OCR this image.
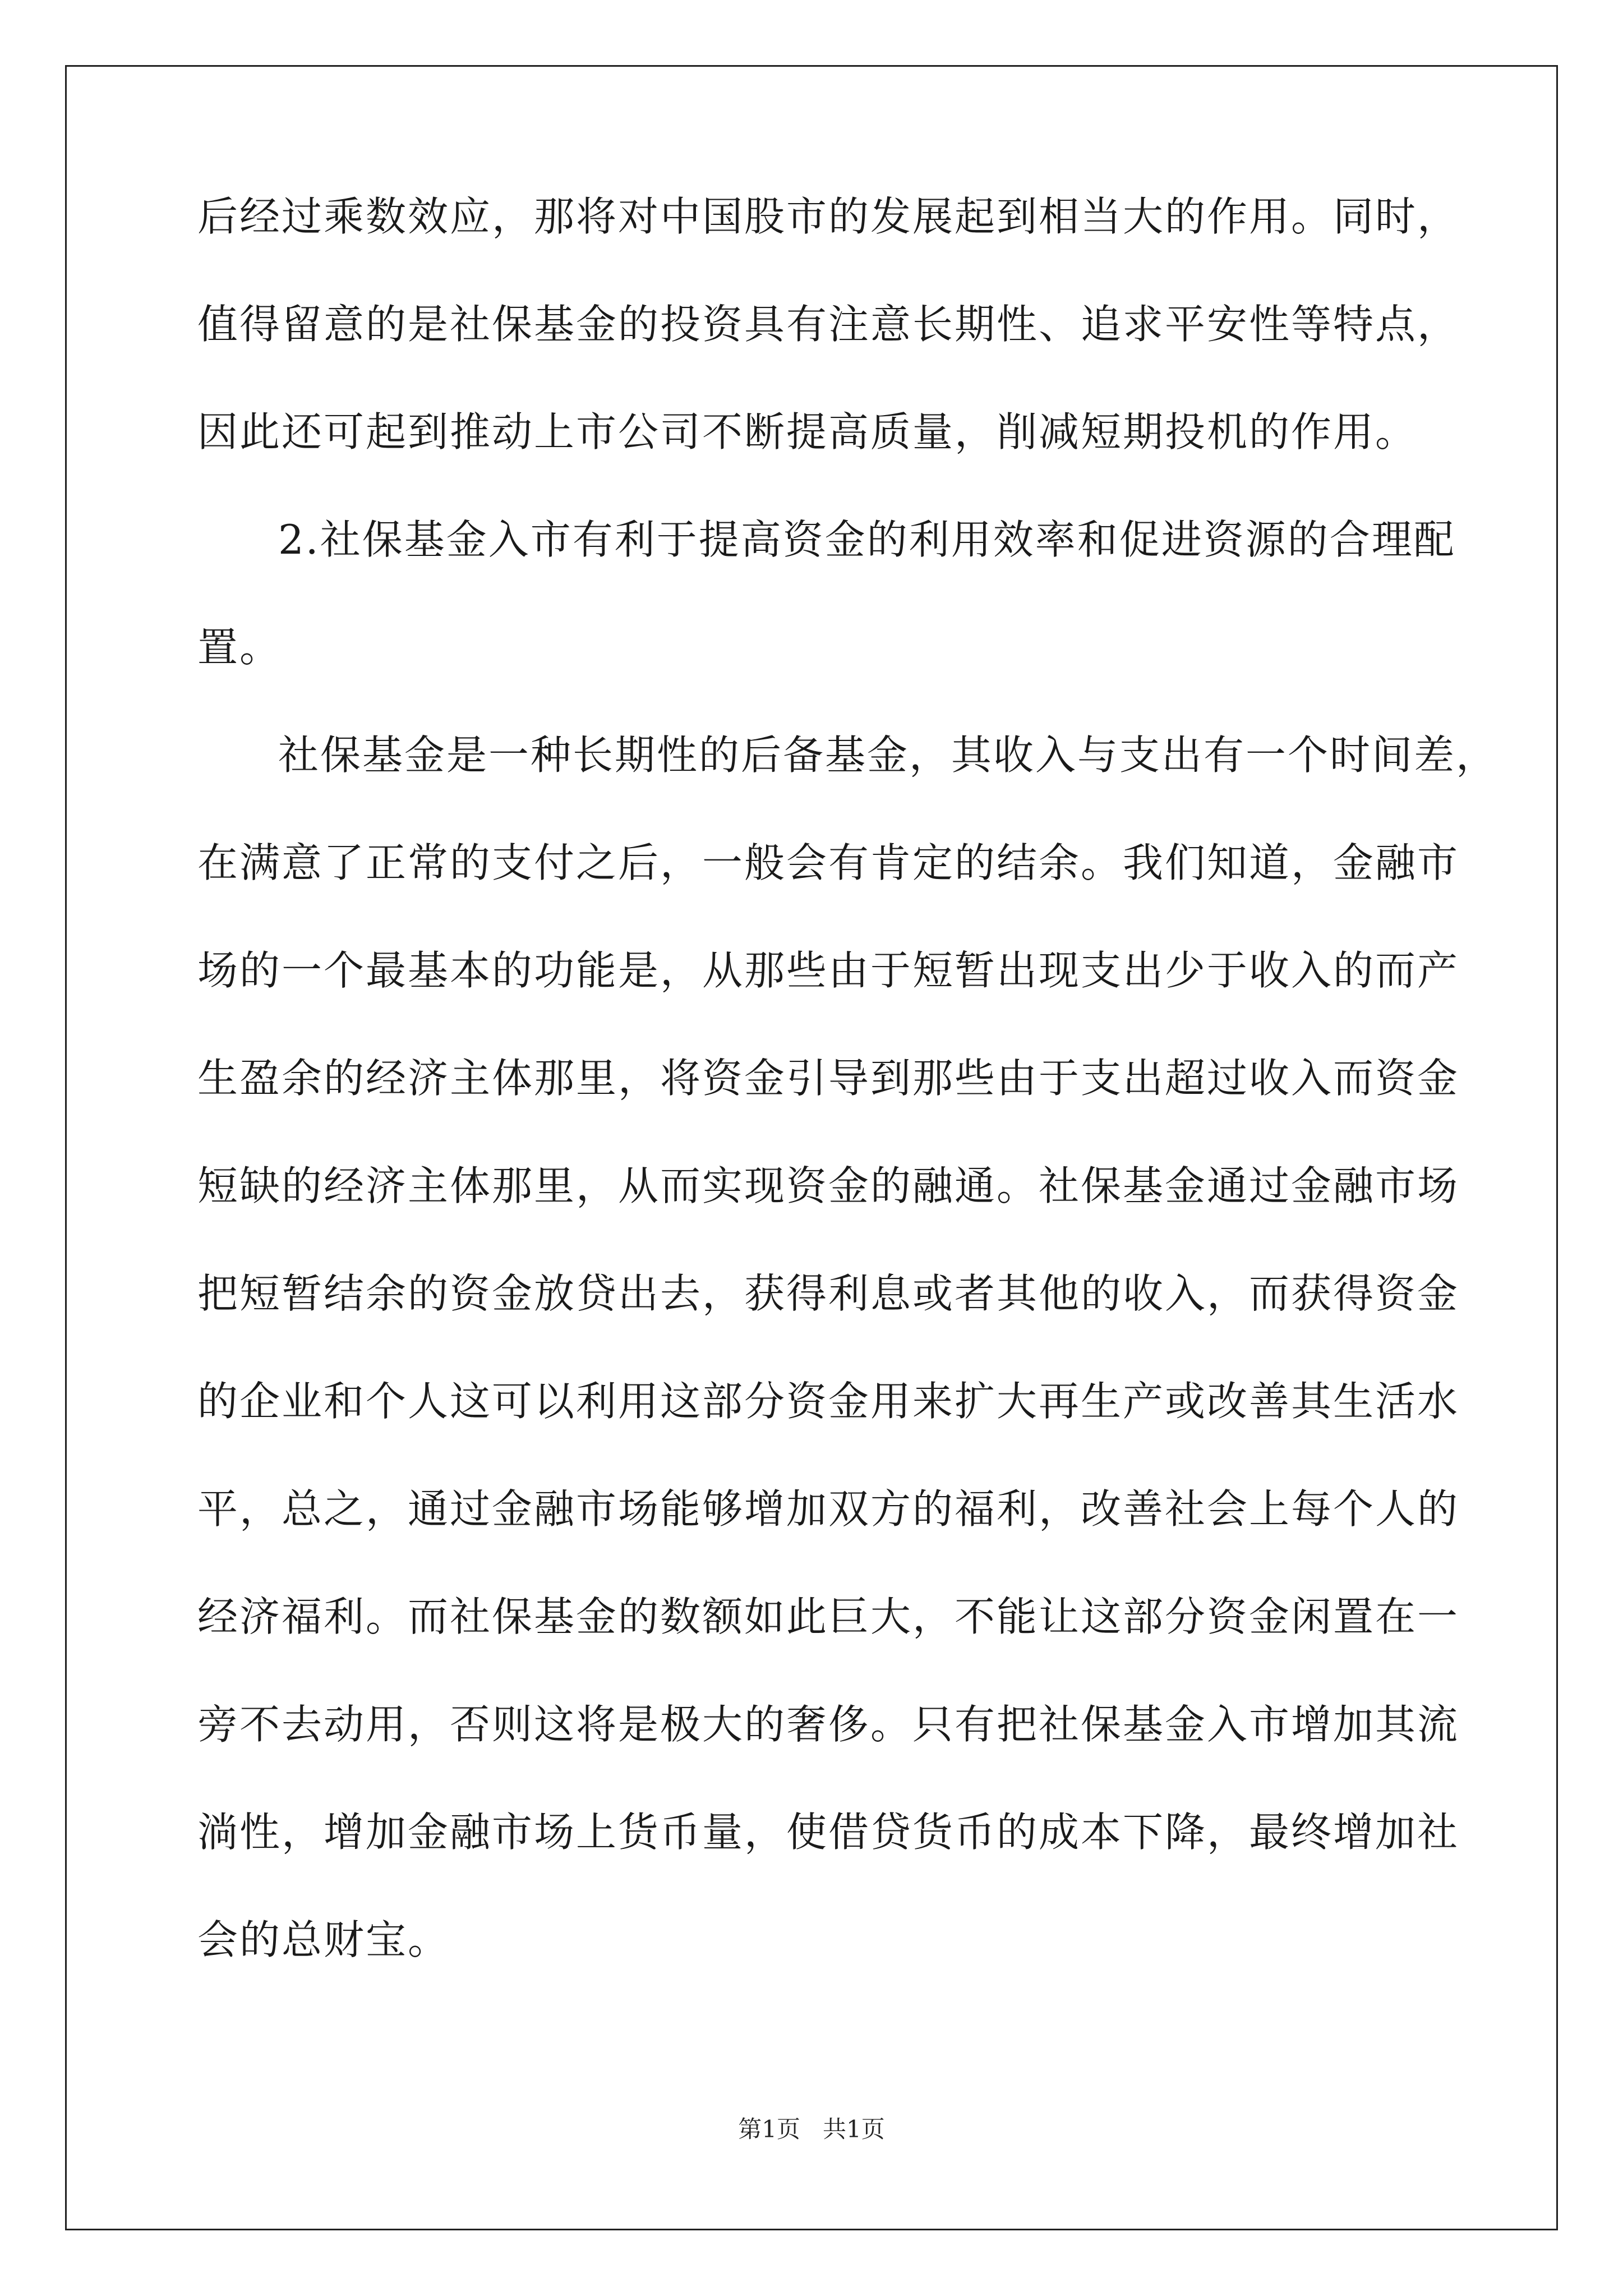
后经过乘数效应，那将对中国股市的发展起到相当大的作用。同时，
值得留意的是社保基金的投资具有注意长期性、追求平安性等特点，
因此还可起到推动上市公司不断提高质量，削减短期投机的作用。
2.社保基金入市有利于提高资金的利用效率和促进资源的合理配
置。
社保基金是一种长期性的后备基金，其收入与支出有一个时间差，
在满意了正常的支付之后，一般会有肯定的结余。我们知道，金融市
场的一个最基本的功能是，从那些由于短暂出现支出少于收入的而产
生盈余的经济主体那里，将资金引导到那些由于支出超过收入而资金
短缺的经济主体那里，从而实现资金的融通。社保基金通过金融市场
把短暂结余的资金放贷出去，获得利息或者其他的收入，而获得资金
的企业和个人这可以利用这部分资金用来扩大再生产或改善其生活水
平，总之，通过金融市场能够增加双方的福利，改善社会上每个人的
经济福利。而社保基金的数额如此巨大，不能让这部分资金闲置在一
旁不去动用，否则这将是极大的奢侈。只有把社保基金入市增加其流
淌性，增加金融市场上货币量，使借贷货币的成本下降，最终增加社
会的总财宝。
第1页   共1页
